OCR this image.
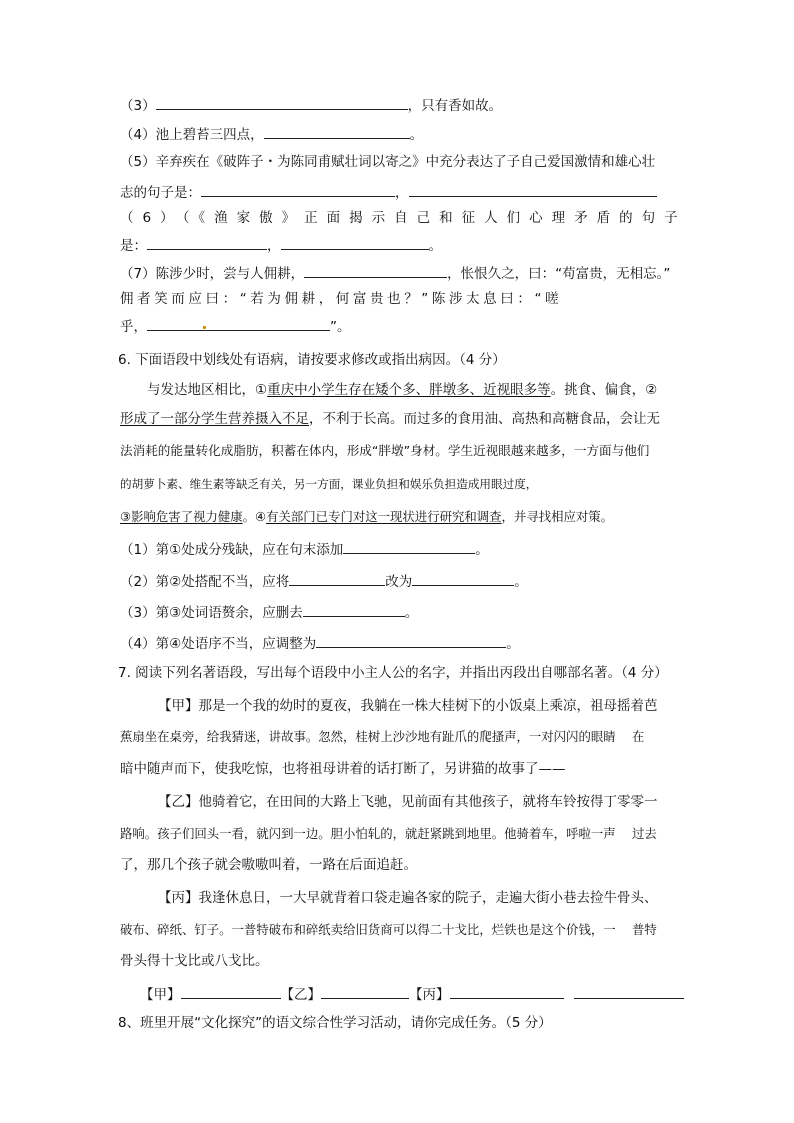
（3）	，只有香如故。
（4）池上碧苔三四点，	。
（5）辛弃疾在《破阵子・为陈同甫赋壮词以寄之》中充分表达了子自己爱国激情和雄心壮
志的句子是：	，
（6）（《渔家傲》正面揭示自己和征人们心理矛盾的句子
是：	，	。
（7）陈涉少时，尝与人佣耕，	，怅恨久之，曰：“苟富贵，无相忘。”
佣者笑而应曰：“若为佣耕，何富贵也？”陈涉太息曰：“嗟
乎，	”。
6. 下面语段中划线处有语病，请按要求修改或指出病因。（4 分）
与发达地区相比，①重庆中小学生存在矮个多、胖墩多、近视眼多等。挑食、偏食，②
形成了一部分学生营养摄入不足，不利于长高。而过多的食用油、高热和高糖食品，会让无
法消耗的能量转化成脂肪，积蓄在体内，形成“胖墩”身材。学生近视眼越来越多，一方面与他们
的胡萝卜素、维生素等缺乏有关，另一方面，课业负担和娱乐负担造成用眼过度，
③影响危害了视力健康。④有关部门已专门对这一现状进行研究和调查，并寻找相应对策。
（1）第①处成分残缺，应在句末添加	。
（2）第②处搭配不当，应将	改为	。
（3）第③处词语赘余，应删去	。
（4）第④处语序不当，应调整为	。
7. 阅读下列名著语段，写出每个语段中小主人公的名字，并指出丙段出自哪部名著。（4 分）
【甲】那是一个我的幼时的夏夜，我躺在一株大桂树下的小饭桌上乘凉，祖母摇着芭
蕉扇坐在桌旁，给我猜迷，讲故事。忽然，桂树上沙沙地有趾爪的爬搔声，一对闪闪的眼睛　 在
暗中随声而下，使我吃惊，也将祖母讲着的话打断了，另讲猫的故事了——
【乙】他骑着它，在田间的大路上飞驰，见前面有其他孩子，就将车铃按得丁零零一
路响。孩子们回头一看，就闪到一边。胆小怕轧的，就赶紧跳到地里。他骑着车，呼啦一声　 过去
了，那几个孩子就会嗷嗷叫着，一路在后面追赶。
【丙】我逢休息日，一大早就背着口袋走遍各家的院子，走遍大街小巷去捡牛骨头、
破布、碎纸、钉子。一普特破布和碎纸卖给旧货商可以得二十戈比，烂铁也是这个价钱，一　 普特
骨头得十戈比或八戈比。
【甲】	【乙】	【丙】
8、班里开展“文化探究”的语文综合性学习活动，请你完成任务。（5 分）
